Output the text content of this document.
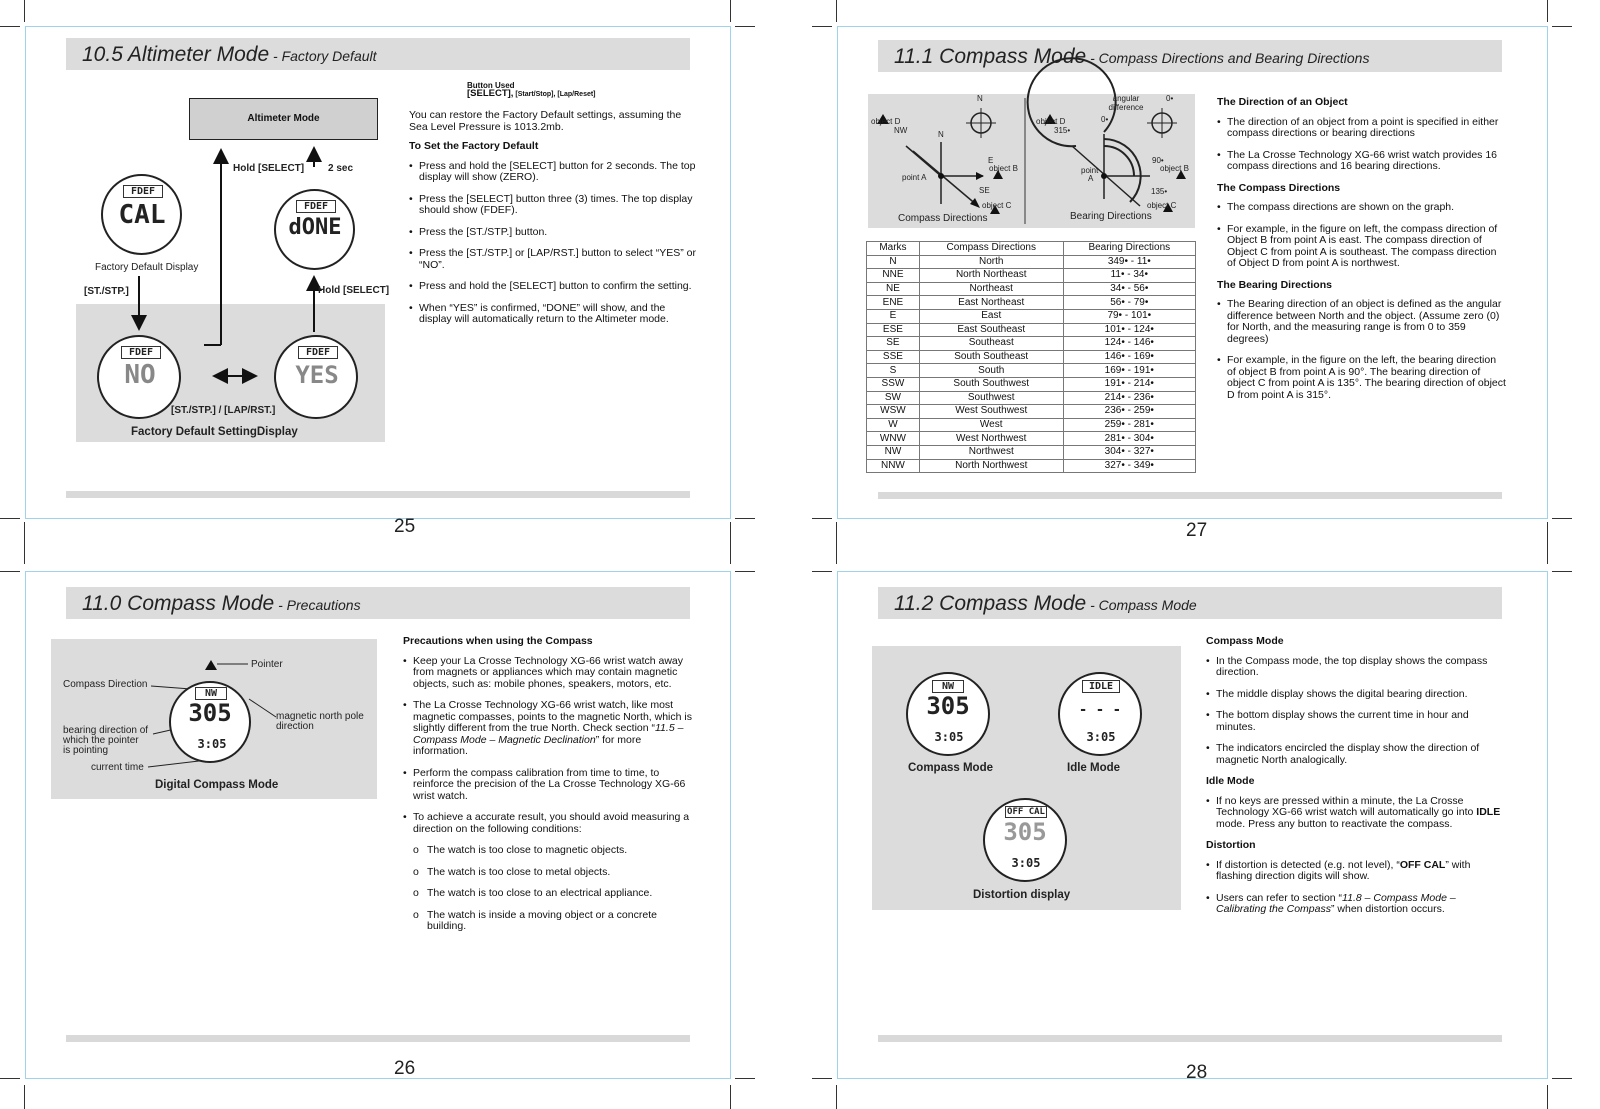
10.5 Altimeter Mode - Factory Default
Altimeter Mode
Hold [SELECT] 2 sec
Factory Default Display
[ST./STP.]	Hold [SELECT]
[ST./STP.] / [LAP/RST.]
Factory Default SettingDisplay
FDEF
CAL	FDEF
dONE
FDEF
NO
FDEF
YES
Button Used
[SELECT], [Start/Stop], [Lap/Reset]
You can restore the Factory Default settings, assuming the Sea Level Pressure is 1013.2mb.
To Set the Factory Default
• Press and hold the [SELECT] button for 2 seconds. The top display will show (ZERO).
• Press the [SELECT] button three (3) times. The top display should show (FDEF).
• Press the [ST./STP.] button.
• Press the [ST./STP.] or [LAP/RST.] button to select “YES” or “NO”.
• Press and hold the [SELECT] button to confirm the setting.
• When “YES” is confirmed, “DONE” will show, and the display will automatically return to the Altimeter mode.
25
11.1 Compass Mode - Compass Directions and Bearing Directions
N
object D
NW	N
E
object B
point A
SE
object C
Compass Directions
angular difference
0•
0•
object D
315•
90•
object B
point
A
135•
object C
Bearing Directions
Marks	Compass Directions	Bearing Directions
N	North	349• - 11•
NNE	North Northeast	11• - 34•
NE	Northeast	34• - 56•
ENE	East Northeast	56• - 79•
E	East	79• - 101•
ESE	East Southeast	101• - 124•
SE	Southeast	124• - 146•
SSE	South Southeast	146• - 169•
S	South	169• - 191•
SSW	South Southwest	191• - 214•
SW	Southwest	214• - 236•
WSW	West Southwest	236• - 259•
W	West	259• - 281•
WNW	West Northwest	281• - 304•
NW	Northwest	304• - 327•
NNW	North Northwest	327• - 349•
The Direction of an Object
• The direction of an object from a point is specified in either compass directions or bearing directions
• The La Crosse Technology XG-66 wrist watch provides 16 compass directions and 16 bearing directions.
The Compass Directions
• The compass directions are shown on the graph.
• For example, in the figure on left, the compass direction of Object B from point A is east. The compass direction of Object C from point A is southeast. The compass direction of Object D from point A is northwest.
The Bearing Directions
• The Bearing direction of an object is defined as the angular difference between North and the object. (Assume zero (0) for North, and the measuring range is from 0 to 359 degrees)
• For example, in the figure on the left, the bearing direction of object B from point A is 90°. The bearing direction of object C from point A is 135°. The bearing direction of object D from point A is 315°.
27
11.0 Compass Mode - Precautions
NW
305
3:05
Pointer
Compass Direction
bearing direction of
which the pointer
is pointing
current time
magnetic north pole
direction
Digital Compass Mode
Precautions when using the Compass
• Keep your La Crosse Technology XG-66 wrist watch away from magnets or appliances which may contain magnetic objects, such as: mobile phones, speakers, motors, etc.
• The La Crosse Technology XG-66 wrist watch, like most magnetic compasses, points to the magnetic North, which is slightly different from the true North. Check section “11.5 – Compass Mode – Magnetic Declination” for more information.
• Perform the compass calibration from time to time, to reinforce the precision of the La Crosse Technology XG-66 wrist watch.
• To achieve a accurate result, you should avoid measuring a direction on the following conditions:
o The watch is too close to magnetic objects.
o The watch is too close to metal objects.
o The watch is too close to an electrical appliance.
o The watch is inside a moving object or a concrete building.
26
11.2 Compass Mode - Compass Mode
NW
305
3:05
Compass Mode
IDLE
- - -
3:05
Idle Mode
OFF CAL
305
3:05
Distortion display
Compass Mode
• In the Compass mode, the top display shows the compass direction.
• The middle display shows the digital bearing direction.
• The bottom display shows the current time in hour and minutes.
• The indicators encircled the display show the direction of magnetic North analogically.
Idle Mode
• If no keys are pressed within a minute, the La Crosse Technology XG-66 wrist watch will automatically go into IDLE mode. Press any button to reactivate the compass.
Distortion
• If distortion is detected (e.g. not level), “OFF CAL” with flashing direction digits will show.
• Users can refer to section “11.8 – Compass Mode – Calibrating the Compass” when distortion occurs.
28
